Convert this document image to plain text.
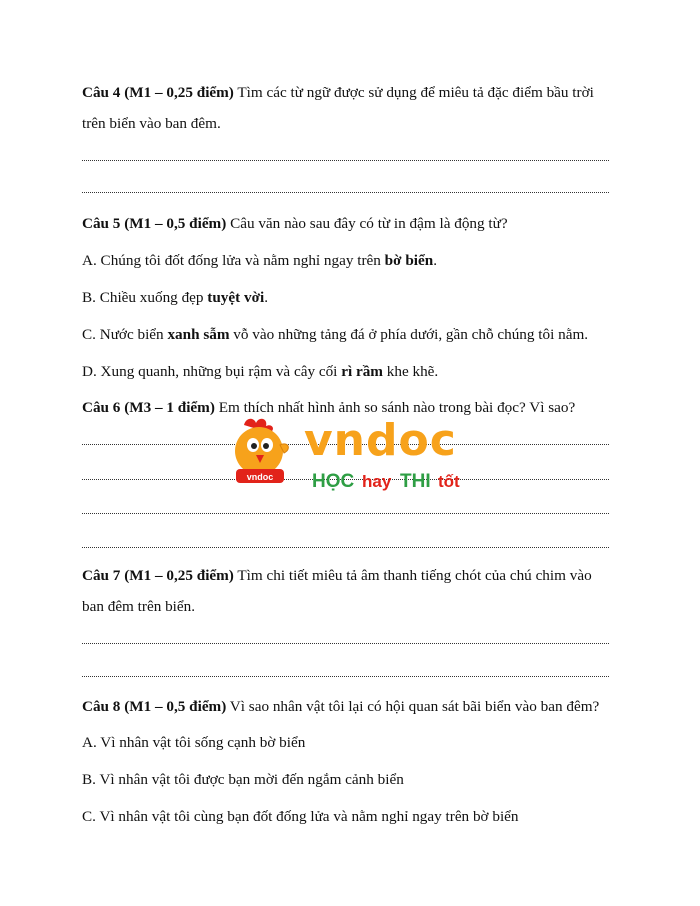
Câu 4 (M1 – 0,25 điểm) Tìm các từ ngữ được sử dụng để miêu tả đặc điểm bầu trời
trên biển vào ban đêm.
Câu 5 (M1 – 0,5 điểm) Câu văn nào sau đây có từ in đậm là động từ?
A. Chúng tôi đốt đống lửa và nằm nghỉ ngay trên bờ biển.
B. Chiều xuống đẹp tuyệt vời.
C. Nước biển xanh sẫm vỗ vào những tảng đá ở phía dưới, gần chỗ chúng tôi nằm.
D. Xung quanh, những bụi rậm và cây cối rì rầm khe khẽ.
Câu 6 (M3 – 1 điểm) Em thích nhất hình ảnh so sánh nào trong bài đọc? Vì sao?
vndoc
vndoc
HỌC hay THI tốt
Câu 7 (M1 – 0,25 điểm) Tìm chi tiết miêu tả âm thanh tiếng chót của chú chim vào
ban đêm trên biển.
Câu 8 (M1 – 0,5 điểm) Vì sao nhân vật tôi lại có hội quan sát bãi biển vào ban đêm?
A. Vì nhân vật tôi sống cạnh bờ biển
B. Vì nhân vật tôi được bạn mời đến ngắm cảnh biển
C. Vì nhân vật tôi cùng bạn đốt đống lửa và nằm nghỉ ngay trên bờ biển
